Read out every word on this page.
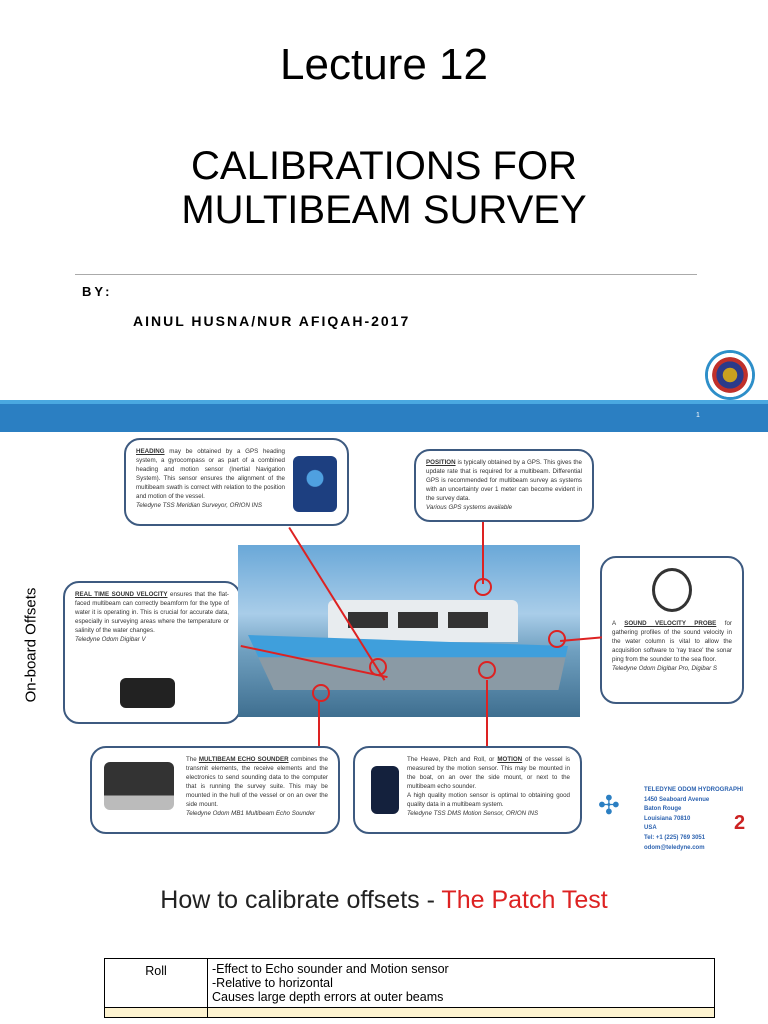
Lecture 12
CALIBRATIONS FOR
MULTIBEAM SURVEY
BY:
AINUL HUSNA/NUR AFIQAH-2017
1
On-board Offsets
HEADING may be obtained by a GPS heading system, a gyrocompass or as part of a combined heading and motion sensor (Inertial Navigation System). This sensor ensures the alignment of the multibeam swath is correct with relation to the position and motion of the vessel.
Teledyne TSS Meridian Surveyor, ORION INS
POSITION is typically obtained by a GPS. This gives the update rate that is required for a multibeam. Differential GPS is recommended for multibeam survey as systems with an uncertainty over 1 meter can become evident in the survey data.
Various GPS systems available
REAL TIME SOUND VELOCITY ensures that the flat-faced multibeam can correctly beamform for the type of water it is operating in. This is crucial for accurate data, especially in surveying areas where the temperature or salinity of the water changes.
Teledyne Odom Digibar V
A SOUND VELOCITY PROBE for gathering profiles of the sound velocity in the water column is vital to allow the acquisition software to 'ray trace' the sonar ping from the sounder to the sea floor.
Teledyne Odom Digibar Pro, Digibar S
The MULTIBEAM ECHO SOUNDER combines the transmit elements, the receive elements and the electronics to send sounding data to the computer that is running the survey suite. This may be mounted in the hull of the vessel or on an over the side mount.
Teledyne Odom MB1 Multibeam Echo Sounder
The Heave, Pitch and Roll, or MOTION of the vessel is measured by the motion sensor. This may be mounted in the boat, on an over the side mount, or next to the multibeam echo sounder.
A high quality motion sensor is optimal to obtaining good quality data in a multibeam system.
Teledyne TSS DMS Motion Sensor, ORION INS	✣	TELEDYNE ODOM HYDROGRAPHI
1450 Seaboard Avenue
Baton Rouge
Louisiana 70810
USA
Tel: +1 (225) 769 3051
odom@teledyne.com
2
How to calibrate offsets - The Patch Test
Roll	-Effect to Echo sounder and Motion sensor
-Relative to horizontal
Causes large depth errors at outer beams
